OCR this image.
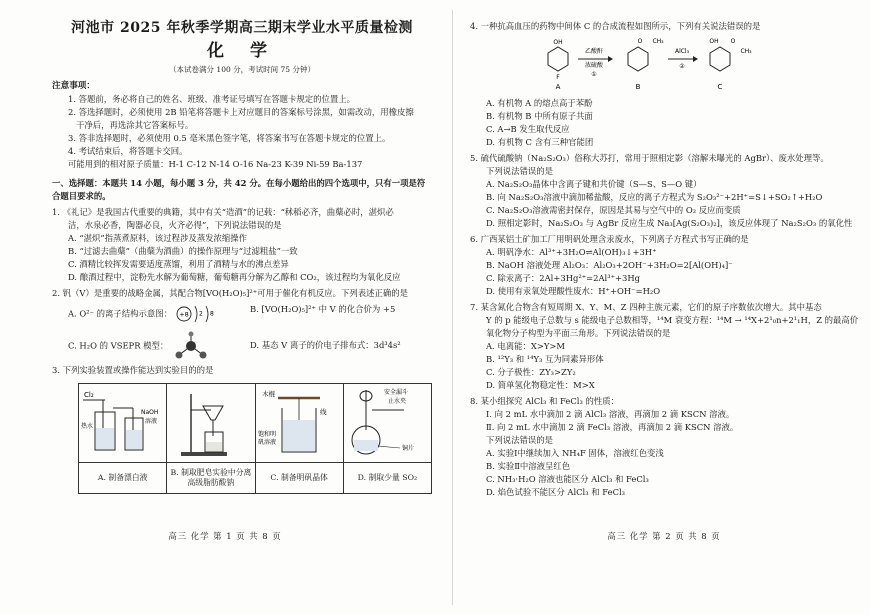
河池市 2025 年秋季学期高三期末学业水平质量检测
化 学
（本试卷满分 100 分，考试时间 75 分钟）
注意事项：
1. 答题前，务必将自己的姓名、班级、准考证号填写在答题卡规定的位置上。
2. 答选择题时，必须使用 2B 铅笔将答题卡上对应题目的答案标号涂黑，如需改动，用橡皮擦
干净后，再选涂其它答案标号。
3. 答非选择题时，必须使用 0.5 毫米黑色签字笔，将答案书写在答题卡规定的位置上。
4. 考试结束后，将答题卡交回。
可能用到的相对原子质量：H-1 C-12 N-14 O-16 Na-23 K-39 Ni-59 Ba-137
一、选择题：本题共 14 小题，每小题 3 分，共 42 分。在每小题给出的四个选项中，只有一项是符合题目要求的。
1. 《礼记》是我国古代重要的典籍，其中有关“造酒”的记载：“秫稻必齐，曲蘖必时，湛炽必
洁，水泉必香，陶器必良，火齐必得”，下列说法错误的是
A. “湛炽”指蒸煮原料，该过程涉及蒸发浓缩操作
B. “过滤去曲蘖”（曲蘖为酒曲）的操作原理与“过滤粗盐”一致
C. 酒精比较挥发需要适度蒸馏，利用了酒精与水的沸点差异
D. 酿酒过程中，淀粉先水解为葡萄糖，葡萄糖再分解为乙醇和 CO₂，该过程均为氧化反应
2. 钒（V）是重要的战略金属，其配合物[VO(H₂O)₅]²⁺可用于催化有机反应。下列表述正确的是
A. O²⁻ 的离子结构示意图： +8 2 8	B. [VO(H₂O)₅]²⁺ 中 V 的化合价为 +5
C. H₂O 的 VSEPR 模型：	D. 基态 V 离子的价电子排布式：3d³4s²
3. 下列实验装置或操作能达到实验目的的是
Cl₂
热水
NaOH
溶液		木棍
线
饱和明
矾溶液	安全漏斗
止水夹
铜片

A. 制备漂白液	B. 制取肥皂实验中分离高级脂肪酸钠	C. 制备明矾晶体	D. 制取少量 SO₂
高三 化学 第 1 页 共 8 页
4. 一种抗高血压的药物中间体 C 的合成流程如图所示，下列有关说法错误的是
OH
F
A
乙酸酐
浓硫酸
①
O CH₃
B
AlCl₃
②
OH O
CH₃
C
A. 有机物 A 的熔点高于苯酚
B. 有机物 B 中所有原子共面
C. A→B 发生取代反应
D. 有机物 C 含有三种官能团
5. 硫代硫酸钠（Na₂S₂O₃）俗称大苏打，常用于照相定影（溶解未曝光的 AgBr）、废水处理等。
下列说法错误的是
A. Na₂S₂O₃晶体中含离子键和共价键（S—S、S—O 键）
B. 向 Na₂S₂O₃溶液中滴加稀盐酸，反应的离子方程式为 S₂O₃²⁻+2H⁺=S↓+SO₂↑+H₂O
C. Na₂S₂O₃溶液需密封保存，原因是其易与空气中的 O₂ 反应而变质
D. 照相定影时，Na₂S₂O₃ 与 AgBr 反应生成 Na₃[Ag(S₂O₃)₂]，该反应体现了 Na₂S₂O₃ 的氧化性
6. 广西某铝土矿加工厂用明矾处理含汞废水，下列离子方程式书写正确的是
A. 明矾净水：Al³⁺+3H₂O⇌Al(OH)₃↓+3H⁺
B. NaOH 溶液处理 Al₂O₃：Al₂O₃+2OH⁻+3H₂O=2[Al(OH)₄]⁻
C. 除汞离子：2Al+3Hg²⁺=2Al³⁺+3Hg
D. 使用有汞氧处理酸性废水：H⁺+OH⁻=H₂O
7. 某含氮化合物含有短周期 X、Y、M、Z 四种主族元素，它们的原子序数依次增大。其中基态
Y 的 p 能级电子总数与 s 能级电子总数相等，¹⁴M 衰变方程：¹⁴M → ¹⁴X+2¹₀n+2¹₁H，Z 的最高价
氧化物分子构型为平面三角形。下列说法错误的是
A. 电离能：X>Y>M
B. ¹²Y₃ 和 ¹⁴Y₃ 互为同素异形体
C. 分子极性：ZY₃>ZY₂
D. 简单氢化物稳定性：M>X
8. 某小组探究 AlCl₃ 和 FeCl₃ 的性质：
Ⅰ. 向 2 mL 水中滴加 2 滴 AlCl₃ 溶液，再滴加 2 滴 KSCN 溶液。
Ⅱ. 向 2 mL 水中滴加 2 滴 FeCl₃ 溶液，再滴加 2 滴 KSCN 溶液。
下列说法错误的是
A. 实验Ⅰ中继续加入 NH₄F 固体，溶液红色变浅
B. 实验Ⅱ中溶液呈红色
C. NH₃·H₂O 溶液也能区分 AlCl₃ 和 FeCl₃
D. 焰色试验不能区分 AlCl₃ 和 FeCl₃
高三 化学 第 2 页 共 8 页
